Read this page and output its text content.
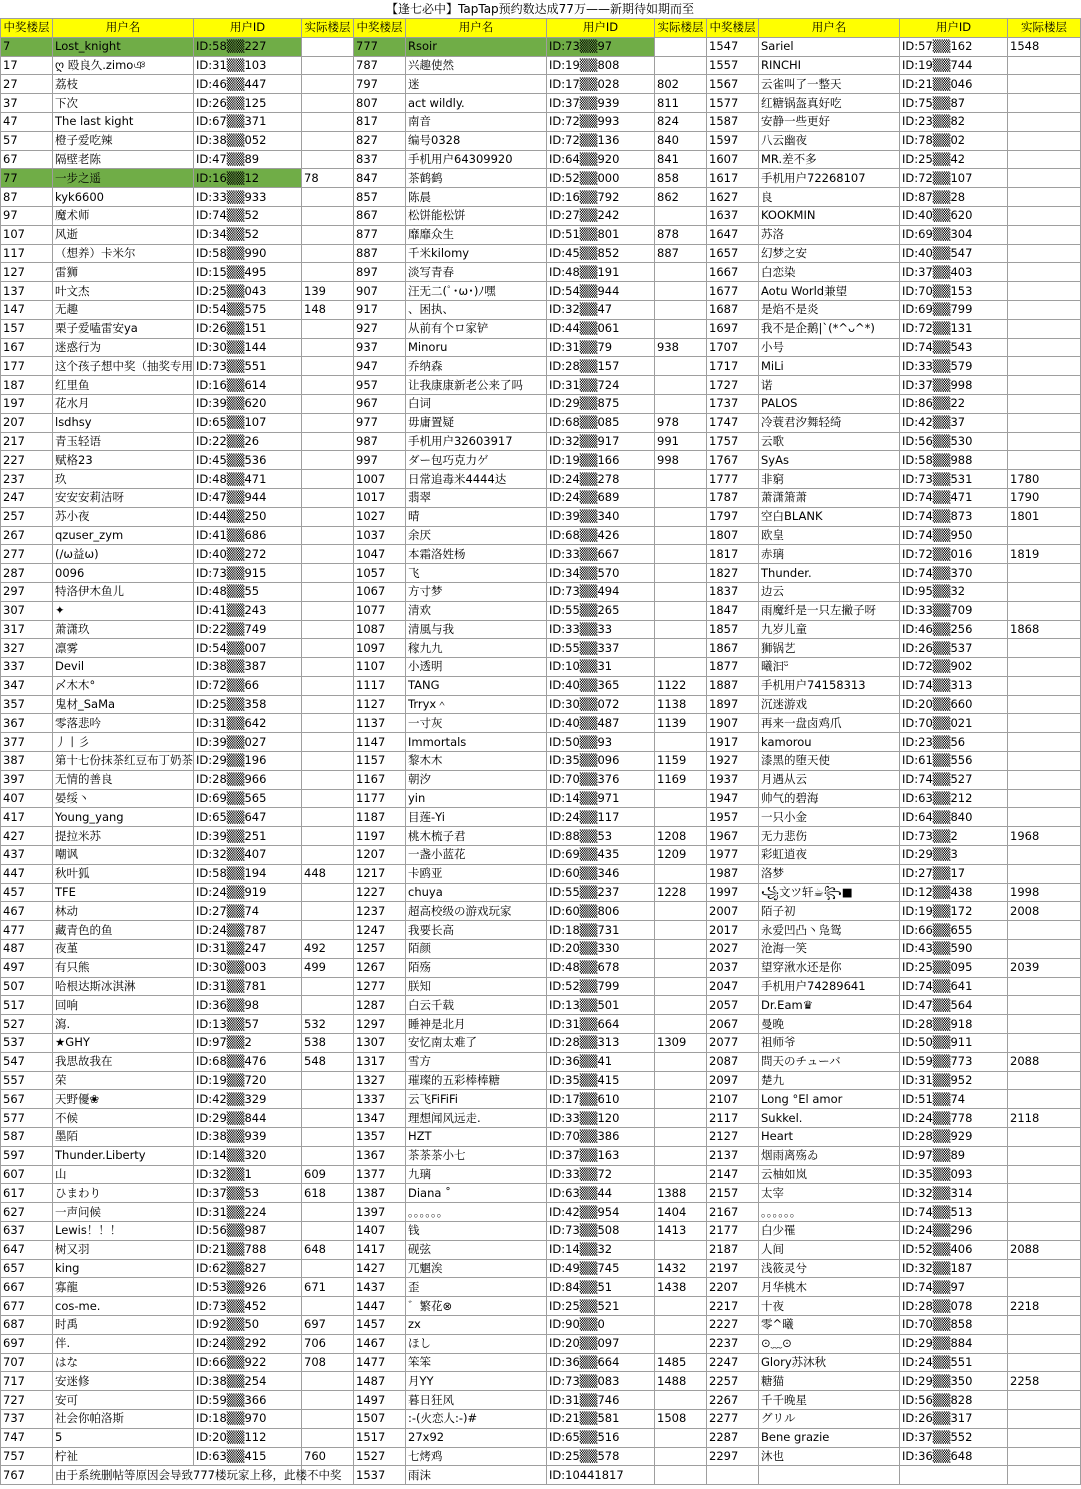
【逢七必中】TapTap预约数达成77万——新期待如期而至
中奖楼层	用户名	用户ID	实际楼层	中奖楼层	用户名	用户ID	实际楼层	中奖楼层	用户名	用户ID	实际楼层
7	Lost_knight	ID:58▒▒227		777	Rsoir	ID:73▒▒97		1547	Sariel	ID:57▒▒162	1548
17	ღ 殴良久.zimoঞ	ID:31▒▒103		787	兴趣使然	ID:19▒▒808		1557	RINCHI	ID:19▒▒744	
27	荔枝	ID:46▒▒447		797	迷	ID:17▒▒028	802	1567	云雀叫了一整天	ID:21▒▒046	
37	下次	ID:26▒▒125		807	act wildly.	ID:37▒▒939	811	1577	红糖锅盔真好吃	ID:75▒▒87	
47	The last kight	ID:67▒▒371		817	南音	ID:72▒▒993	824	1587	安静一些更好	ID:23▒▒82	
57	橙子爱吃辣	ID:38▒▒052		827	编号0328	ID:72▒▒136	840	1597	八云幽夜	ID:78▒▒02	
67	隔壁老陈	ID:47▒▒89		837	手机用户64309920	ID:64▒▒920	841	1607	MR.差不多	ID:25▒▒42	
77	一步之遥	ID:16▒▒12	78	847	茶鹤鹤	ID:52▒▒000	858	1617	手机用户72268107	ID:72▒▒107	
87	kyk6600	ID:33▒▒933		857	陈晨	ID:16▒▒792	862	1627	良	ID:87▒▒28	
97	魔术师	ID:74▒▒52		867	松饼能松饼	ID:27▒▒242		1637	KOOKMIN	ID:40▒▒620	
107	风逝	ID:34▒▒52		877	靡靡众生	ID:51▒▒801	878	1647	苏洛	ID:69▒▒304	
117	（想养）卡米尔	ID:58▒▒990		887	千米kilomy	ID:45▒▒852	887	1657	幻梦之安	ID:40▒▒547	
127	雷狮	ID:15▒▒495		897	淡写青春	ID:48▒▒191		1667	白恋染	ID:37▒▒403	
137	叶文杰	ID:25▒▒043	139	907	汪无二(ﾟ･ω･)ﾉ嘿	ID:54▒▒944		1677	Aotu World兼望	ID:70▒▒153	
147	无趣	ID:54▒▒575	148	917	、困执、	ID:32▒▒47		1687	是焰不是炎	ID:69▒▒799	
157	栗子爱嗑雷安ya	ID:26▒▒151		927	从前有个ロ家铲	ID:44▒▒061		1697	我不是企鹅|`(*^ᴗ^*)	ID:72▒▒131	
167	迷惑行为	ID:30▒▒144		937	Minoru	ID:31▒▒79	938	1707	小号	ID:74▒▒543	
177	这个孩子想中奖（抽奖专用	ID:73▒▒551		947	乔纳森	ID:28▒▒157		1717	MiLi	ID:33▒▒579	
187	红里鱼	ID:16▒▒614		957	让我康康新老公来了吗	ID:31▒▒724		1727	诺	ID:37▒▒998	
197	花水月	ID:39▒▒620		967	白词	ID:29▒▒875		1737	PALOS	ID:86▒▒22	
207	lsdhsy	ID:65▒▒107		977	毋庸置疑	ID:68▒▒085	978	1747	冷蓑君汐舞轻绮	ID:42▒▒37	
217	青玉轻语	ID:22▒▒26		987	手机用户32603917	ID:32▒▒917	991	1757	云歌	ID:56▒▒530	
227	赋格23	ID:45▒▒536		997	ダー包巧克力ゲ	ID:19▒▒166	998	1767	SyAs	ID:58▒▒988	
237	玖	ID:48▒▒471		1007	日常追毒米4444达	ID:24▒▒278		1777	非窮	ID:73▒▒531	1780
247	安安安莉洁呀	ID:47▒▒944		1017	翡翠	ID:24▒▒689		1787	萧潇箫萧	ID:74▒▒471	1790
257	苏小夜	ID:44▒▒250		1027	晴	ID:39▒▒340		1797	空白BLANK	ID:74▒▒873	1801
267	qzuser_zym	ID:41▒▒686		1037	余厌	ID:68▒▒426		1807	欧皇	ID:74▒▒950	
277	(/ω益ω)	ID:40▒▒272		1047	本霜洛姓杨	ID:33▒▒667		1817	赤璃	ID:72▒▒016	1819
287	0096	ID:73▒▒915		1057	飞	ID:34▒▒570		1827	Thunder.	ID:74▒▒370	
297	特洛伊木鱼儿	ID:48▒▒55		1067	方寸梦	ID:73▒▒494		1837	边云	ID:95▒▒32	
307	✦	ID:41▒▒243		1077	清欢	ID:55▒▒265		1847	雨魔纤是一只左撇子呀	ID:33▒▒709	
317	萧潇玖	ID:22▒▒749		1087	清風与我	ID:33▒▒33		1857	九岁儿童	ID:46▒▒256	1868
327	凛雾	ID:54▒▒007		1097	稼九九	ID:55▒▒337		1867	狮锅艺	ID:26▒▒537	
337	Devil	ID:38▒▒387		1107	小透明	ID:10▒▒31		1877	曦汩ᵕ̈	ID:72▒▒902	
347	〆木木°	ID:72▒▒66		1117	TANG	ID:40▒▒365	1122	1887	手机用户74158313	ID:74▒▒313	
357	鬼材_SaMa	ID:25▒▒358		1127	Trryx＾	ID:30▒▒072	1138	1897	沉迷游戏	ID:20▒▒660	
367	零落悲吟	ID:31▒▒642		1137	一寸灰	ID:40▒▒487	1139	1907	再来一盘卤鸡爪	ID:70▒▒021	
377	丿丨彡	ID:39▒▒027		1147	Immortals	ID:50▒▒93		1917	kamorou	ID:23▒▒56	
387	第十七份抹茶红豆布丁奶茶	ID:29▒▒196		1157	黎木木	ID:35▒▒096	1159	1927	漆黑的堕天使	ID:61▒▒556	
397	无情的善良	ID:28▒▒966		1167	朝汐	ID:70▒▒376	1169	1937	月遇从云	ID:74▒▒527	
407	晏绥丶	ID:69▒▒565		1177	yin	ID:14▒▒971		1947	帅气的碧海	ID:63▒▒212	
417	Young_yang	ID:65▒▒647		1187	目莲-Yi	ID:24▒▒117		1957	一只小金	ID:64▒▒840	
427	提拉米苏	ID:39▒▒251		1197	桃木梳子君	ID:88▒▒53	1208	1967	无力悲伤	ID:73▒▒2	1968
437	嘲讽	ID:32▒▒407		1207	一盏小蓝花	ID:69▒▒435	1209	1977	彩虹逍夜	ID:29▒▒3	
447	秋叶狐	ID:58▒▒194	448	1217	卡鸥亚	ID:60▒▒346		1987	洛梦	ID:27▒▒17	
457	TFE	ID:24▒▒919		1227	chuya	ID:55▒▒237	1228	1997	꧁文ツ轩☕꧂■	ID:12▒▒438	1998
467	林动	ID:27▒▒74		1237	超高校级の游戏玩家	ID:60▒▒806		2007	陌子初	ID:19▒▒172	2008
477	藏青色的鱼	ID:24▒▒787		1247	我要长高	ID:18▒▒731		2017	永爱凹凸丶凫鸳	ID:66▒▒655	
487	夜堇	ID:31▒▒247	492	1257	陌颜	ID:20▒▒330		2027	沧海一笑	ID:43▒▒590	
497	有只熊	ID:30▒▒003	499	1267	陌殇	ID:48▒▒678		2037	望穿湫水还是你	ID:25▒▒095	2039
507	哈根达斯冰淇淋	ID:31▒▒781		1277	朕知	ID:52▒▒799		2047	手机用户74289641	ID:74▒▒641	
517	回响	ID:36▒▒98		1287	白云千载	ID:13▒▒501		2057	Dr.Eam♛	ID:47▒▒564	
527	瀉.	ID:13▒▒57	532	1297	睡神是北月	ID:31▒▒664		2067	曼晚	ID:28▒▒918	
537	★GHY	ID:97▒▒2	538	1307	安忆南太难了	ID:28▒▒313	1309	2077	祖师爷	ID:50▒▒911	
547	我思故我在	ID:68▒▒476	548	1317	雪方	ID:36▒▒41		2087	問天のチューバ	ID:59▒▒773	2088
557	荣	ID:19▒▒720		1327	璀璨的五彩棒棒糖	ID:35▒▒415		2097	楚九	ID:31▒▒952	
567	天野優❀	ID:42▒▒329		1337	云飞FiFiFi	ID:17▒▒610		2107	Long °El amor	ID:51▒▒74	
577	不候	ID:29▒▒844		1347	理想闻风远走.	ID:33▒▒120		2117	Sukkel.	ID:24▒▒778	2118
587	墨陌	ID:38▒▒939		1357	HZT	ID:70▒▒386		2127	Heart	ID:28▒▒929	
597	Thunder.Liberty	ID:14▒▒320		1367	茶茶茶小七	ID:37▒▒163		2137	烟雨离殇ゐ	ID:97▒▒89	
607	山	ID:32▒▒1	609	1377	九璃	ID:33▒▒72		2147	云柚如岚	ID:35▒▒093	
617	ひまわり	ID:37▒▒53	618	1387	Diana ˚	ID:63▒▒44	1388	2157	太宰	ID:32▒▒314	
627	一声问候	ID:31▒▒224		1397	。。。。。。	ID:42▒▒954	1404	2167	。。。。。。	ID:74▒▒513	
637	Lewis！！！	ID:56▒▒987		1407	钱	ID:73▒▒508	1413	2177	白少罹	ID:24▒▒296	
647	树又羽	ID:21▒▒788	648	1417	砚弦	ID:14▒▒32		2187	人间	ID:52▒▒406	2088
657	king	ID:62▒▒827		1427	兀魍涘	ID:49▒▒745	1432	2197	浅筱灵兮	ID:32▒▒187	
667	寡龍	ID:53▒▒926	671	1437	歪	ID:84▒▒51	1438	2207	月华桃木	ID:74▒▒97	
677	cos-me.	ID:73▒▒452		1447	゛繁花⊗	ID:25▒▒521		2217	十夜	ID:28▒▒078	2218
687	时禹	ID:92▒▒50	697	1457	zx	ID:90▒▒0		2227	零^曦	ID:70▒▒858	
697	伴.	ID:24▒▒292	706	1467	ほし	ID:20▒▒097		2237	⊙﹏⊙	ID:29▒▒884	
707	はな	ID:66▒▒922	708	1477	笨笨	ID:36▒▒664	1485	2247	Glory苏沐秋	ID:24▒▒551	
717	安迷修	ID:38▒▒254		1487	月YY	ID:73▒▒083	1488	2257	糖猫	ID:29▒▒350	2258
727	安可	ID:59▒▒366		1497	暮日狂风	ID:31▒▒746		2267	千千晚星	ID:56▒▒828	
737	社会你帕洛斯	ID:18▒▒970		1507	:-(火恋人:-)#	ID:21▒▒581	1508	2277	グリル	ID:26▒▒317	
747	5	ID:20▒▒112		1517	27x92	ID:65▒▒516		2287	Bene grazie	ID:37▒▒552	
757	柠祉	ID:63▒▒415	760	1527	七烤鸡	ID:25▒▒578		2297	沐也	ID:36▒▒648	
767	由于系统删帖等原因会导致777楼玩家上移，此楼不中奖			1537	雨沫	ID:10441817					
